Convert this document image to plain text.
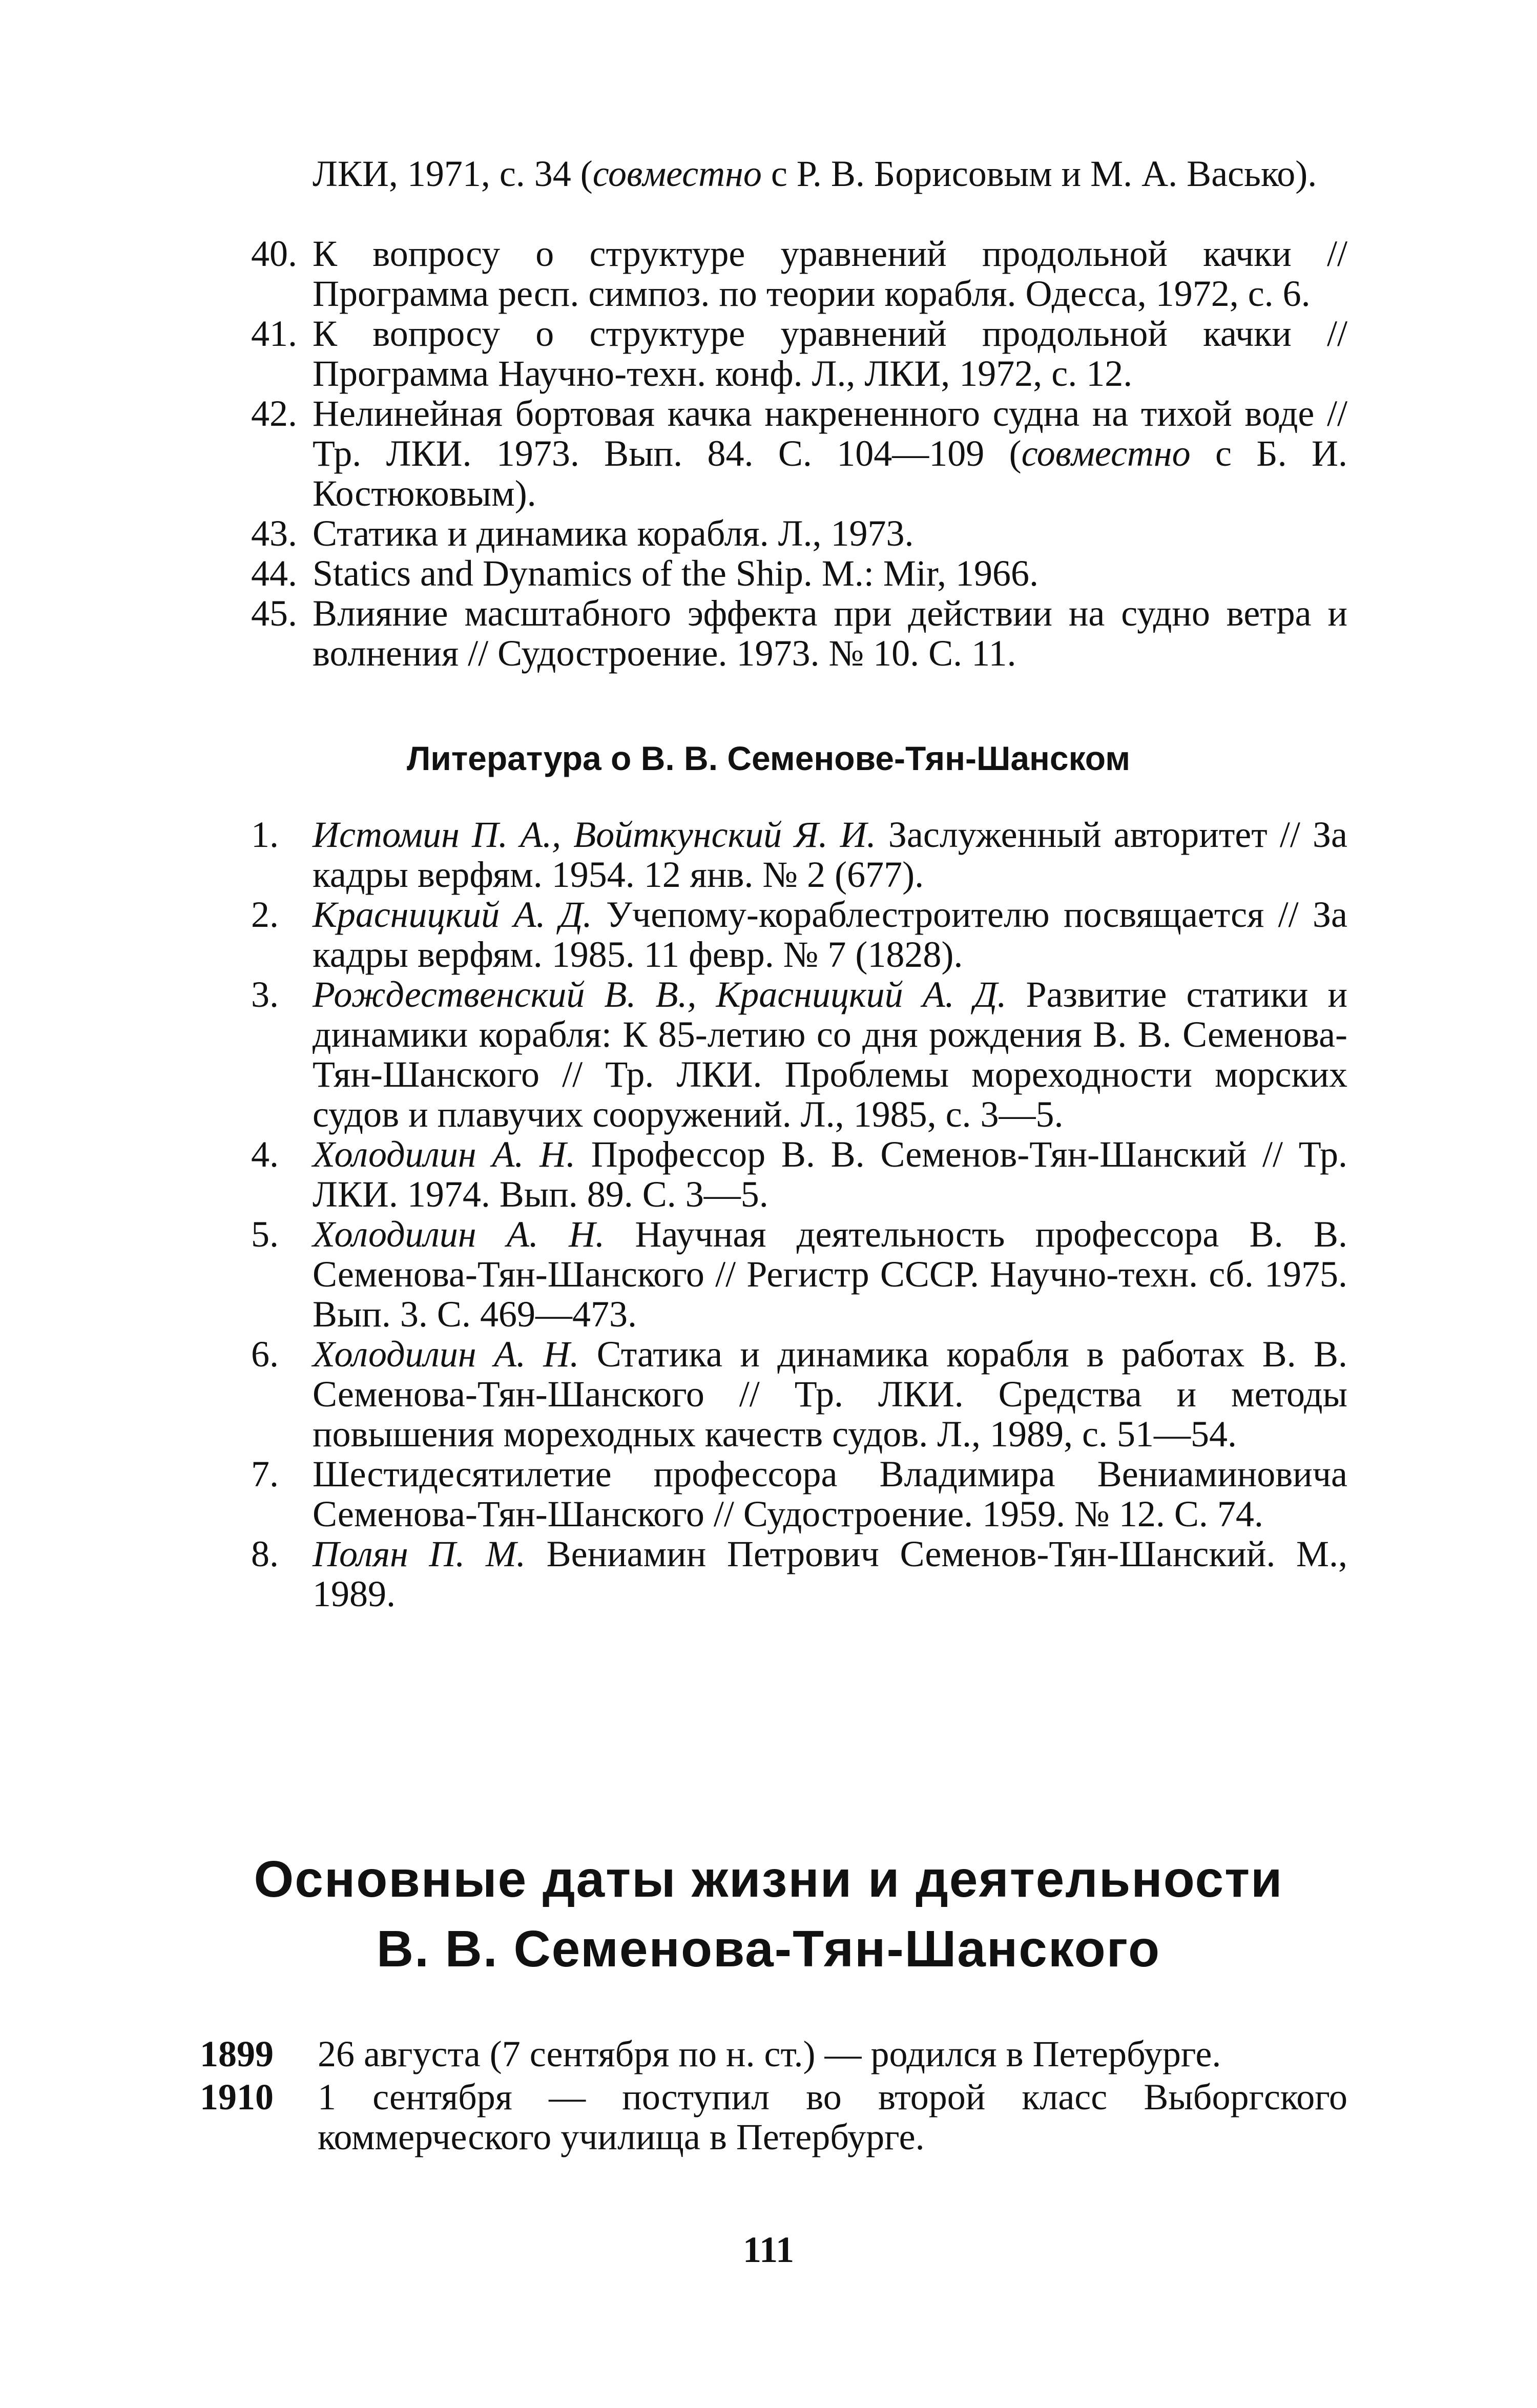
ЛКИ, 1971, с. 34 (совместно с Р. В. Борисовым и М. А. Васько).
40. К вопросу о структуре уравнений продольной качки // Программа респ. симпоз. по теории корабля. Одесса, 1972, с. 6.
41. К вопросу о структуре уравнений продольной качки // Программа Научно-техн. конф. Л., ЛКИ, 1972, с. 12.
42. Нелинейная бортовая качка накрененного судна на тихой воде // Тр. ЛКИ. 1973. Вып. 84. С. 104—109 (совместно с Б. И. Костюковым).
43. Статика и динамика корабля. Л., 1973.
44. Statics and Dynamics of the Ship. M.: Mir, 1966.
45. Влияние масштабного эффекта при действии на судно ветра и волнения // Судостроение. 1973. № 10. С. 11.
Литература о В. В. Семенове-Тян-Шанском
1. Истомин П. А., Войткунский Я. И. Заслуженный авторитет // За кадры верфям. 1954. 12 янв. № 2 (677).
2. Красницкий А. Д. Учепому-кораблестроителю посвящается // За кадры верфям. 1985. 11 февр. № 7 (1828).
3. Рождественский В. В., Красницкий А. Д. Развитие статики и динамики корабля: К 85-летию со дня рождения В. В. Семенова-Тян-Шанского // Тр. ЛКИ. Проблемы мореходности морских судов и плавучих сооружений. Л., 1985, с. 3—5.
4. Холодилин А. Н. Профессор В. В. Семенов-Тян-Шанский // Тр. ЛКИ. 1974. Вып. 89. С. 3—5.
5. Холодилин А. Н. Научная деятельность профессора В. В. Семенова-Тян-Шанского // Регистр СССР. Научно-техн. сб. 1975. Вып. 3. С. 469—473.
6. Холодилин А. Н. Статика и динамика корабля в работах В. В. Семенова-Тян-Шанского // Тр. ЛКИ. Средства и методы повышения мореходных качеств судов. Л., 1989, с. 51—54.
7. Шестидесятилетие профессора Владимира Вениаминовича Семенова-Тян-Шанского // Судостроение. 1959. № 12. С. 74.
8. Полян П. М. Вениамин Петрович Семенов-Тян-Шанский. М., 1989.
Основные даты жизни и деятельности
В. В. Семенова-Тян-Шанского
1899 26 августа (7 сентября по н. ст.) — родился в Петербурге.
1910 1 сентября — поступил во второй класс Выборгского коммерческого училища в Петербурге.
111
